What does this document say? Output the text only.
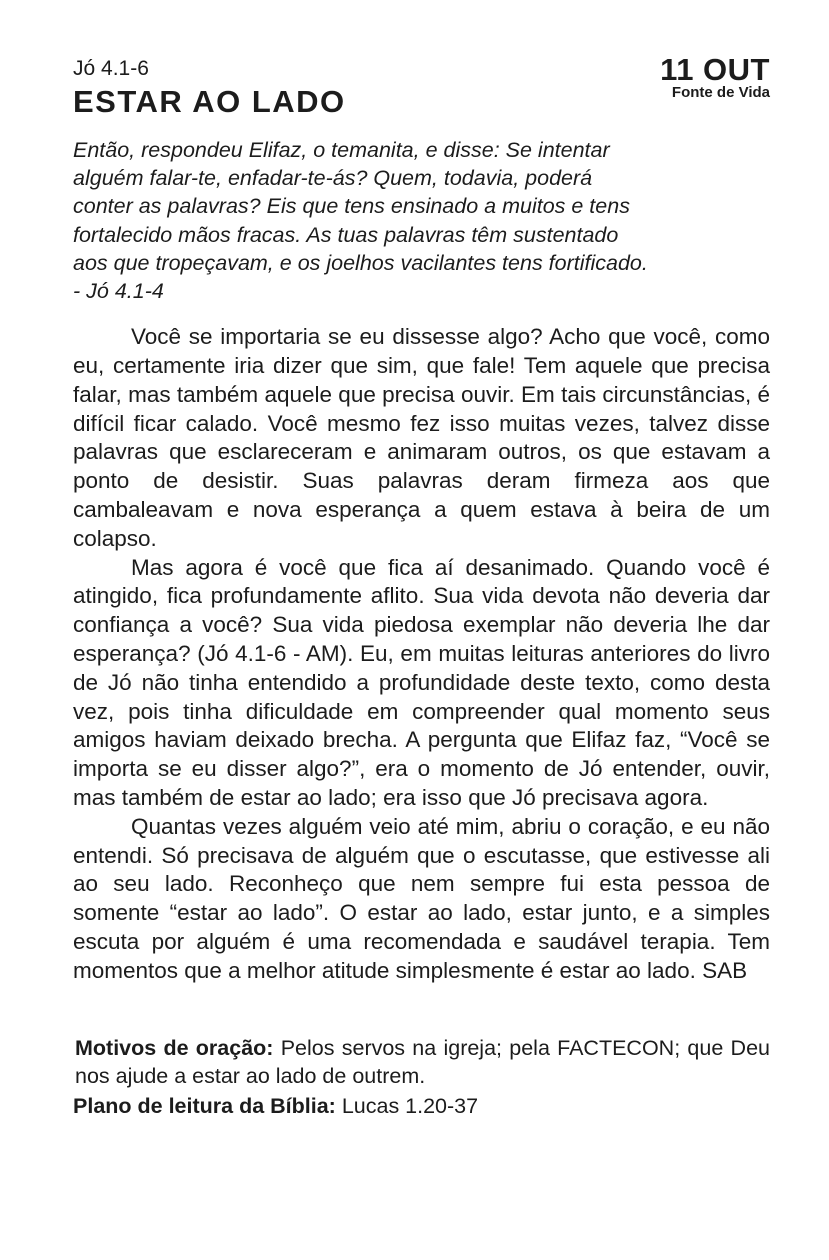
Jó 4.1-6
ESTAR AO LADO
11 OUT
Fonte de Vida
Então, respondeu Elifaz, o temanita, e disse: Se intentar
alguém falar-te, enfadar-te-ás? Quem, todavia, poderá
conter as palavras? Eis que tens ensinado a muitos e tens
fortalecido mãos fracas. As tuas palavras têm sustentado
aos que tropeçavam, e os joelhos vacilantes tens fortificado.
- Jó 4.1-4

Você se importaria se eu dissesse algo? Acho que você, como eu, certamente iria dizer que sim, que fale! Tem aquele que precisa falar, mas também aquele que precisa ouvir. Em tais circunstâncias, é difícil ficar calado. Você mesmo fez isso muitas vezes, talvez disse palavras que esclareceram e animaram outros, os que estavam a ponto de desistir. Suas palavras deram firmeza aos que cambaleavam e nova esperança a quem estava à beira de um colapso.

Mas agora é você que fica aí desanimado. Quando você é atingido, fica profundamente aflito. Sua vida devota não deveria dar confiança a você? Sua vida piedosa exemplar não deveria lhe dar esperança? (Jó 4.1-6 - AM). Eu, em muitas leituras anteriores do livro de Jó não tinha entendido a profundidade deste texto, como desta vez, pois tinha dificuldade em compreender qual momento seus amigos haviam deixado brecha. A pergunta que Elifaz faz, “Você se importa se eu disser algo?”, era o momento de Jó entender, ouvir, mas também de estar ao lado; era isso que Jó precisava agora.

Quantas vezes alguém veio até mim, abriu o coração, e eu não entendi. Só precisava de alguém que o escutasse, que estivesse ali ao seu lado. Reconheço que nem sempre fui esta pessoa de somente “estar ao lado”. O estar ao lado, estar junto, e a simples escuta por alguém é uma recomendada e saudável terapia. Tem momentos que a melhor atitude simplesmente é estar ao lado. SAB

Motivos de oração: Pelos servos na igreja; pela FACTECON; que Deu nos ajude a estar ao lado de outrem.

Plano de leitura da Bíblia: Lucas 1.20-37
